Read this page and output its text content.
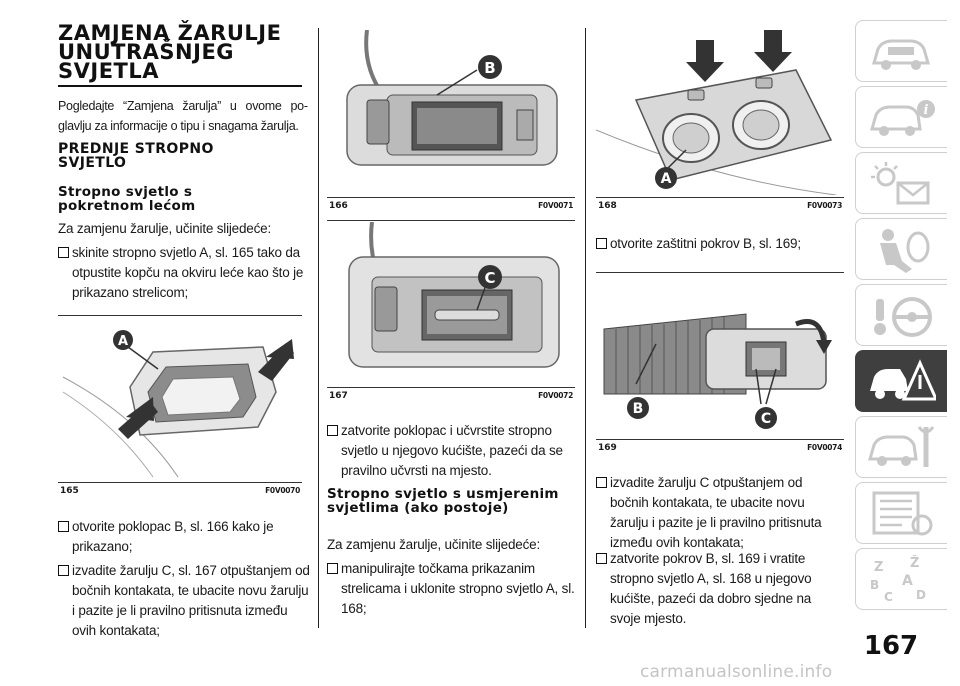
ZAMJENA ŽARULJE UNUTRAŠNJEG SVJETLA

Pogledajte “Zamjena žarulja” u ovome poglavlju za informacije o tipu i snagama žarulja.

PREDNJE STROPNO SVJETLO
Stropno svjetlo s pokretnom lećom

Za zamjenu žarulje, učinite slijedeće:

skinite stropno svjetlo A, sl. 165 tako da otpustite kopču na okviru leće kao što je prikazano strelicom;

A
165	F0V0070

otvorite poklopac B, sl. 166 kako je prikazano;

izvadite žarulju C, sl. 167 otpuštanjem od bočnih kontakata, te ubacite novu žarulju i pazite je li pravilno pritisnuta između ovih kontakata;

B
166	F0V0071
C
167	F0V0072

zatvorite poklopac i učvrstite stropno svjetlo u njegovo kućište, pazeći da se pravilno učvrsti na mjesto.

Stropno svjetlo s usmjerenim svjetlima (ako postoje)

Za zamjenu žarulje, učinite slijedeće:

manipulirajte točkama prikazanim strelicama i uklonite stropno svjetlo A, sl. 168;

A
168	F0V0073

otvorite zaštitni pokrov B, sl. 169;

B
C
169	F0V0074

izvadite žarulju C otpuštanjem od bočnih kontakata, te ubacite novu žarulju i pazite je li pravilno pritisnuta između ovih kontakata;

zatvorite pokrov B, sl. 169 i vratite stropno svjetlo A, sl. 168 u njegovo kućište, pazeći da dobro sjedne na svoje mjesto.

i
Z Ž
A
B
C D
167
carmanualsonline.info
